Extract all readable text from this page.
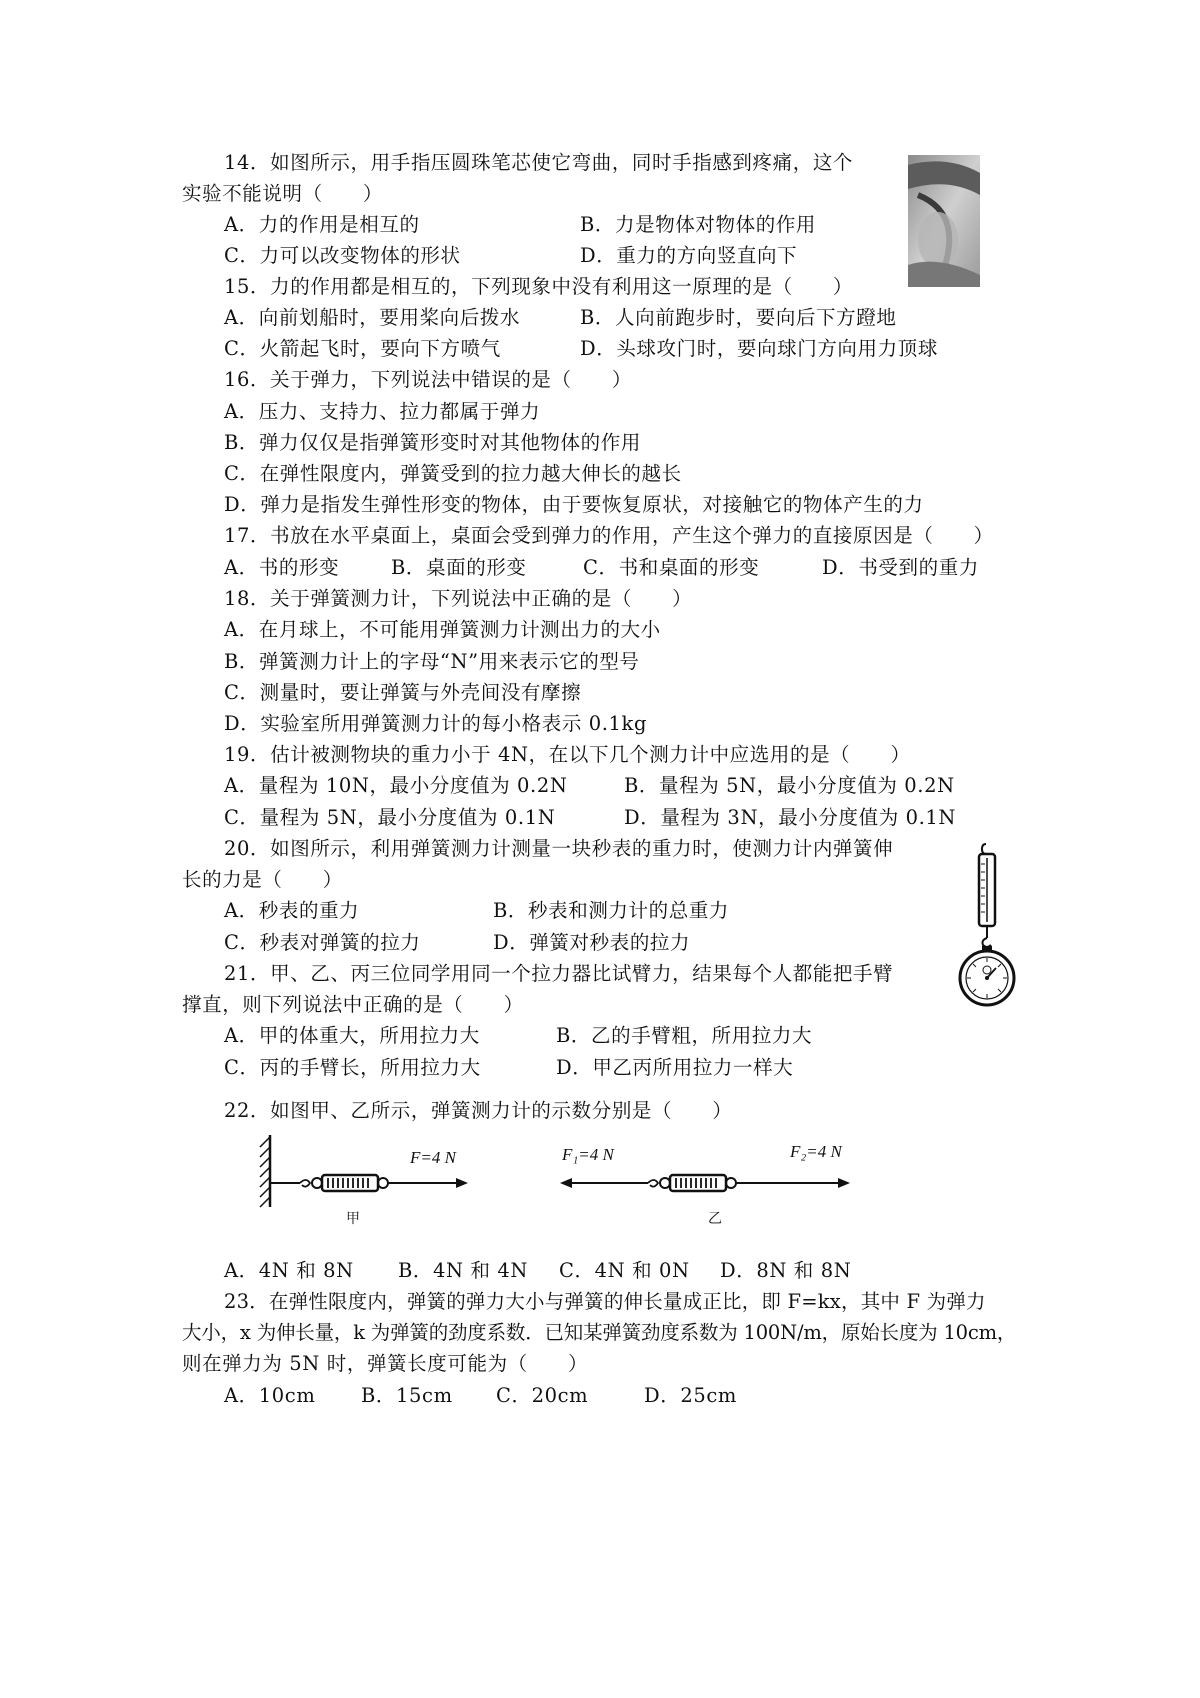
14．如图所示，用手指压圆珠笔芯使它弯曲，同时手指感到疼痛，这个
实验不能说明（　　）
A．力的作用是相互的	B．力是物体对物体的作用
C．力可以改变物体的形状	D．重力的方向竖直向下
15．力的作用都是相互的，下列现象中没有利用这一原理的是（　　）
A．向前划船时，要用桨向后拨水	B．人向前跑步时，要向后下方蹬地
C．火箭起飞时，要向下方喷气	D．头球攻门时，要向球门方向用力顶球
16．关于弹力，下列说法中错误的是（　　）
A．压力、支持力、拉力都属于弹力
B．弹力仅仅是指弹簧形变时对其他物体的作用
C．在弹性限度内，弹簧受到的拉力越大伸长的越长
D．弹力是指发生弹性形变的物体，由于要恢复原状，对接触它的物体产生的力
17．书放在水平桌面上，桌面会受到弹力的作用，产生这个弹力的直接原因是（　　）
A．书的形变	B．桌面的形变	C．书和桌面的形变	D．书受到的重力
18．关于弹簧测力计，下列说法中正确的是（　　）
A．在月球上，不可能用弹簧测力计测出力的大小
B．弹簧测力计上的字母“N”用来表示它的型号
C．测量时，要让弹簧与外壳间没有摩擦
D．实验室所用弹簧测力计的每小格表示 0.1kg
19．估计被测物块的重力小于 4N，在以下几个测力计中应选用的是（　　）
A．量程为 10N，最小分度值为 0.2N	B．量程为 5N，最小分度值为 0.2N
C．量程为 5N，最小分度值为 0.1N	D．量程为 3N，最小分度值为 0.1N
20．如图所示，利用弹簧测力计测量一块秒表的重力时，使测力计内弹簧伸
长的力是（　　）
A．秒表的重力	B．秒表和测力计的总重力
C．秒表对弹簧的拉力	D．弹簧对秒表的拉力
21．甲、乙、丙三位同学用同一个拉力器比试臂力，结果每个人都能把手臂
撑直，则下列说法中正确的是（　　）
A．甲的体重大，所用拉力大	B．乙的手臂粗，所用拉力大
C．丙的手臂长，所用拉力大	D．甲乙丙所用拉力一样大
22．如图甲、乙所示，弹簧测力计的示数分别是（　　）
F=4 N
甲
F₁=4 N	F₂=4 N
乙
A．4N 和 8N B．4N 和 4N C．4N 和 0N D．8N 和 8N
23．在弹性限度内，弹簧的弹力大小与弹簧的伸长量成正比，即 F=kx，其中 F 为弹力
大小，x 为伸长量，k 为弹簧的劲度系数．已知某弹簧劲度系数为 100N/m，原始长度为 10cm，
则在弹力为 5N 时，弹簧长度可能为（　　）
A．10cm B．15cm C．20cm	D．25cm
